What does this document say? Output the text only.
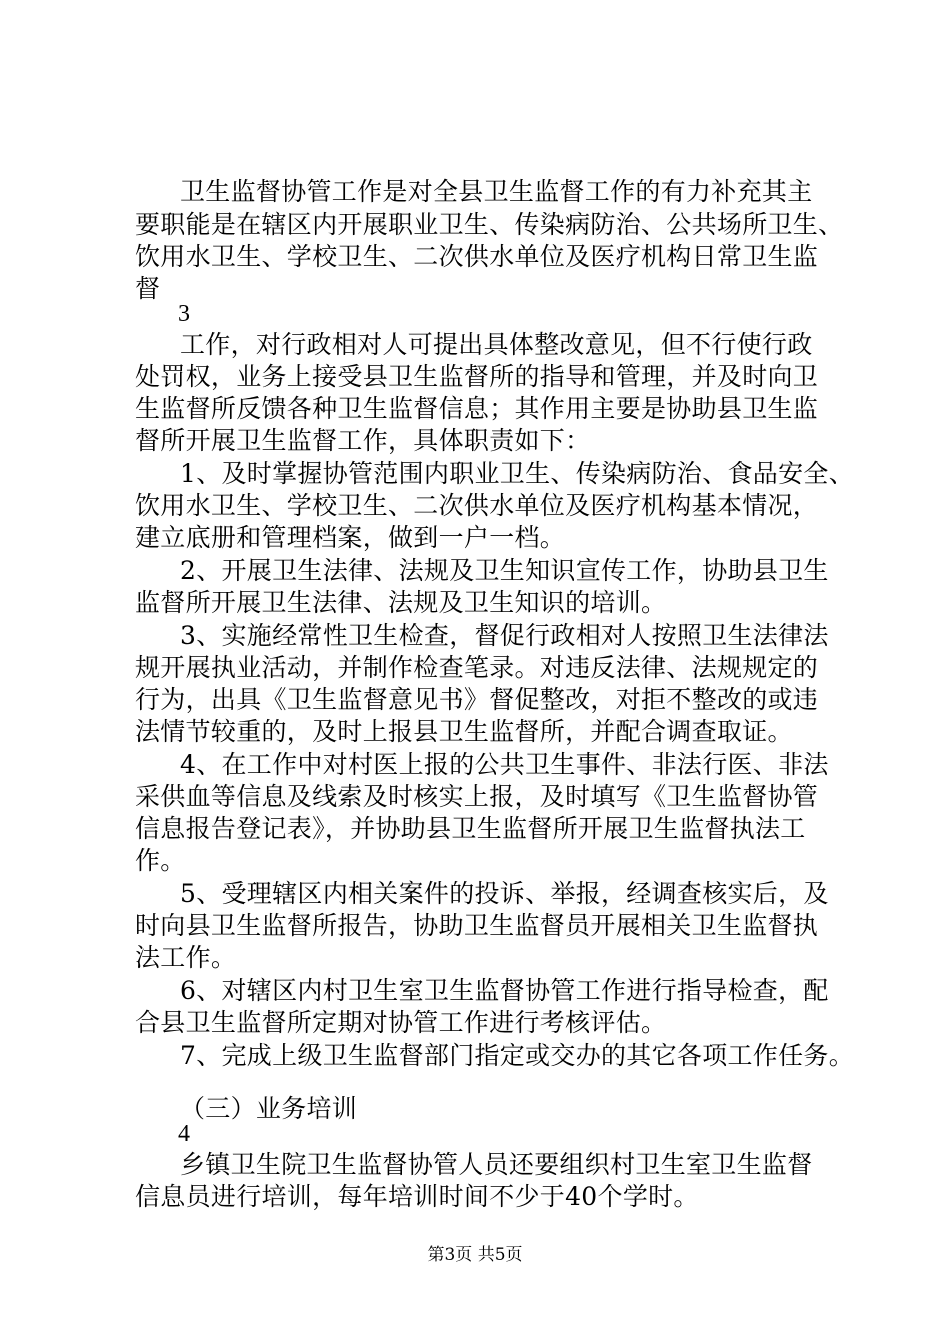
卫生监督协管工作是对全县卫生监督工作的有力补充其主
要职能是在辖区内开展职业卫生、传染病防治、公共场所卫生、
饮用水卫生、学校卫生、二次供水单位及医疗机构日常卫生监
督
3
工作，对行政相对人可提出具体整改意见，但不行使行政
处罚权，业务上接受县卫生监督所的指导和管理，并及时向卫
生监督所反馈各种卫生监督信息；其作用主要是协助县卫生监
督所开展卫生监督工作，具体职责如下：
1、及时掌握协管范围内职业卫生、传染病防治、食品安全、
饮用水卫生、学校卫生、二次供水单位及医疗机构基本情况，
建立底册和管理档案，做到一户一档。
2、开展卫生法律、法规及卫生知识宣传工作，协助县卫生
监督所开展卫生法律、法规及卫生知识的培训。
3、实施经常性卫生检查，督促行政相对人按照卫生法律法
规开展执业活动，并制作检查笔录。对违反法律、法规规定的
行为，出具《卫生监督意见书》督促整改，对拒不整改的或违
法情节较重的，及时上报县卫生监督所，并配合调查取证。
4、在工作中对村医上报的公共卫生事件、非法行医、非法
采供血等信息及线索及时核实上报，及时填写《卫生监督协管
信息报告登记表》，并协助县卫生监督所开展卫生监督执法工
作。
5、受理辖区内相关案件的投诉、举报，经调查核实后，及
时向县卫生监督所报告，协助卫生监督员开展相关卫生监督执
法工作。
6、对辖区内村卫生室卫生监督协管工作进行指导检查，配
合县卫生监督所定期对协管工作进行考核评估。
7、完成上级卫生监督部门指定或交办的其它各项工作任务。
（三）业务培训
4
乡镇卫生院卫生监督协管人员还要组织村卫生室卫生监督
信息员进行培训，每年培训时间不少于40个学时。
第3页 共5页
